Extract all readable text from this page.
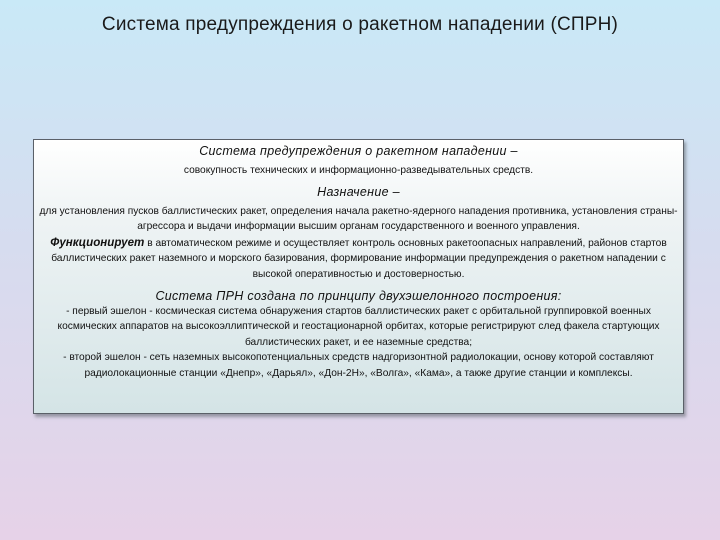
Система предупреждения о ракетном нападении (СПРН)
Система предупреждения о ракетном нападении –
совокупность технических и информационно-разведывательных средств.
Назначение –
для установления пусков баллистических ракет, определения начала ракетно-ядерного нападения противника, установления страны-агрессора и выдачи информации высшим органам государственного и военного управления.
Функционирует в автоматическом режиме и осуществляет контроль основных ракетоопасных направлений, районов стартов баллистических ракет наземного и морского базирования, формирование информации предупреждения о ракетном нападении с высокой оперативностью и достоверностью.
Система ПРН создана по принципу двухэшелонного построения:

- первый эшелон - космическая система обнаружения стартов баллистических ракет с орбитальной группировкой военных космических аппаратов на высокоэллиптической и геостационарной орбитах, которые регистрируют след факела стартующих баллистических ракет, и ее наземные средства;

- второй эшелон - сеть наземных высокопотенциальных средств надгоризонтной радиолокации, основу которой составляют радиолокационные станции «Днепр», «Дарьял», «Дон-2Н», «Волга», «Кама», а также другие станции и комплексы.
